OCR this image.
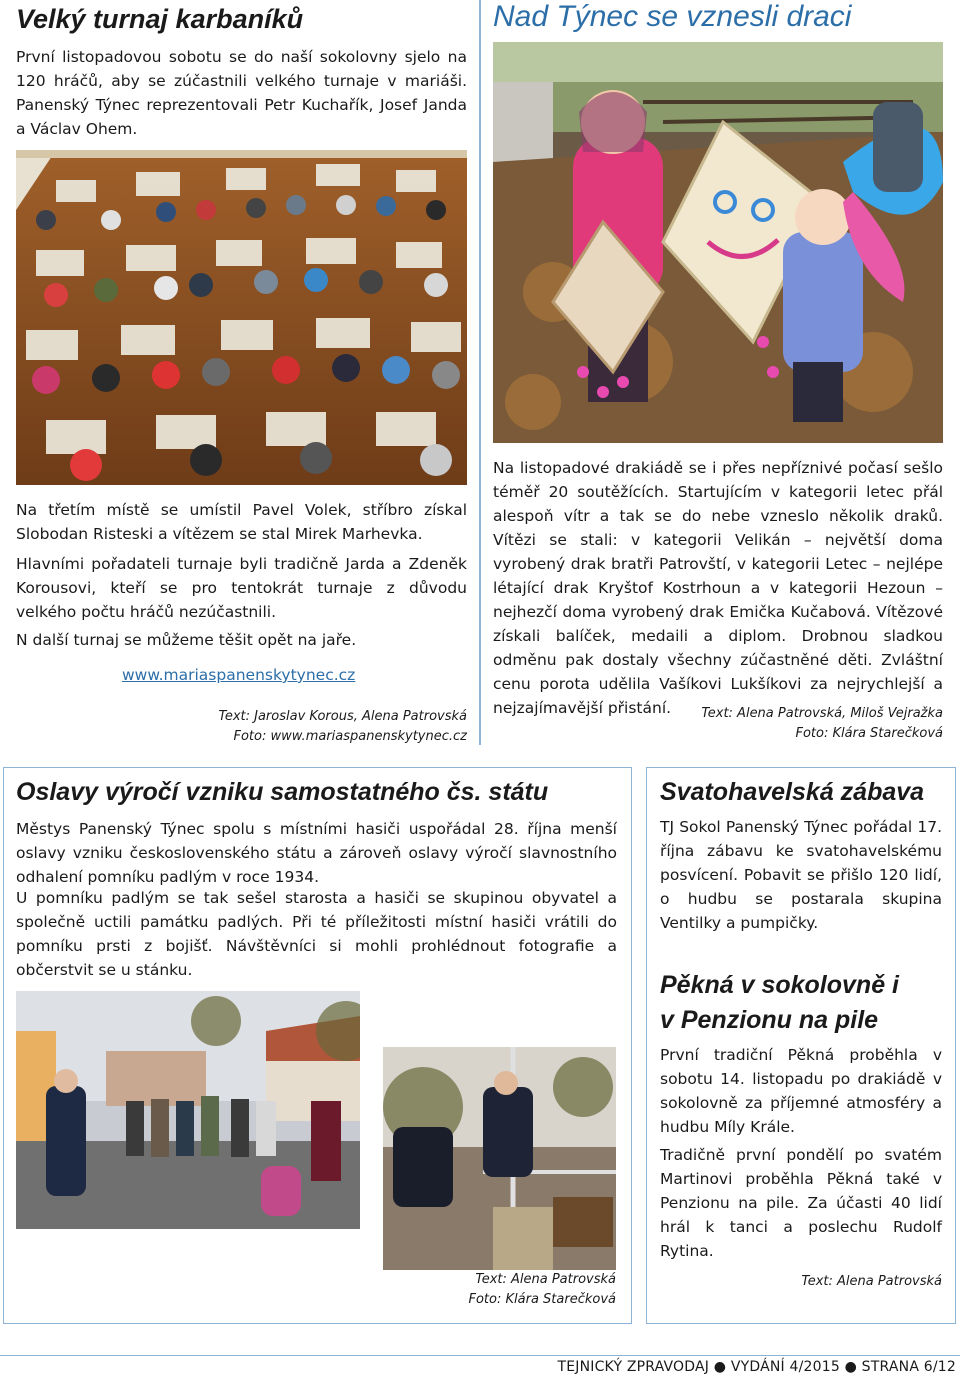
Velký turnaj karbaníků

První listopadovou sobotu se do naší sokolovny sjelo na 120 hráčů, aby se zúčastnili velkého turnaje v mariáši. Panenský Týnec reprezentovali Petr Kuchařík, Josef Janda a Václav Ohem.

Na třetím místě se umístil Pavel Volek, stříbro získal Slobodan Risteski a vítězem se stal Mirek Marhevka.

Hlavními pořadateli turnaje byli tradičně Jarda a Zdeněk Korousovi, kteří se pro tentokrát turnaje z důvodu velkého počtu hráčů nezúčastnili.

N další turnaj se můžeme těšit opět na jaře.

www.mariaspanenskytynec.cz

Text: Jaroslav Korous, Alena Patrovská

Foto: www.mariaspanenskytynec.cz

Nad Týnec se vznesli draci

Na listopadové drakiádě se i přes nepříznivé počasí sešlo téměř 20 soutěžících. Startujícím v kategorii letec přál alespoň vítr a tak se do nebe vzneslo několik draků. Vítězi se stali: v kategorii Velikán – největší doma vyrobený drak bratři Patrovští, v kategorii Letec – nejlépe létající drak Kryštof Kostrhoun a v kategorii Hezoun – nejhezčí doma vyrobený drak Emička Kučabová. Vítězové získali balíček, medaili a diplom. Drobnou sladkou odměnu pak dostaly všechny zúčastněné děti. Zvláštní cenu porota udělila Vašíkovi Lukšíkovi za nejrychlejší a nejzajímavější přistání.	Text: Alena Patrovská, Miloš Vejražka

Foto: Klára Starečková

Oslavy výročí vzniku samostatného čs. státu

Městys Panenský Týnec spolu s místními hasiči uspořádal 28. října menší oslavy vzniku československého státu a zároveň oslavy výročí slavnostního odhalení pomníku padlým v roce 1934.

U pomníku padlým se tak sešel starosta a hasiči se skupinou obyvatel a společně uctili památku padlých. Při té příležitosti místní hasiči vrátili do pomníku prsti z bojišť. Návštěvníci si mohli prohlédnout fotografie a občerstvit se u stánku.

Text: Alena Patrovská

Foto: Klára Starečková

Svatohavelská zábava

TJ Sokol Panenský Týnec pořádal 17. října zábavu ke svatohavelskému posvícení. Pobavit se přišlo 120 lidí, o hudbu se postarala skupina Ventilky a pumpičky.

Pěkná v sokolovně i
v Penzionu na pile

První tradiční Pěkná proběhla v sobotu 14. listopadu po drakiádě v sokolovně za příjemné atmosféry a hudbu Míly Krále.

Tradičně první pondělí po svatém Martinovi proběhla Pěkná také v Penzionu na pile. Za účasti 40 lidí hrál k tanci a poslechu Rudolf Rytina.

Text: Alena Patrovská

TEJNICKÝ ZPRAVODAJ ● VYDÁNÍ 4/2015 ● STRANA 6/12
